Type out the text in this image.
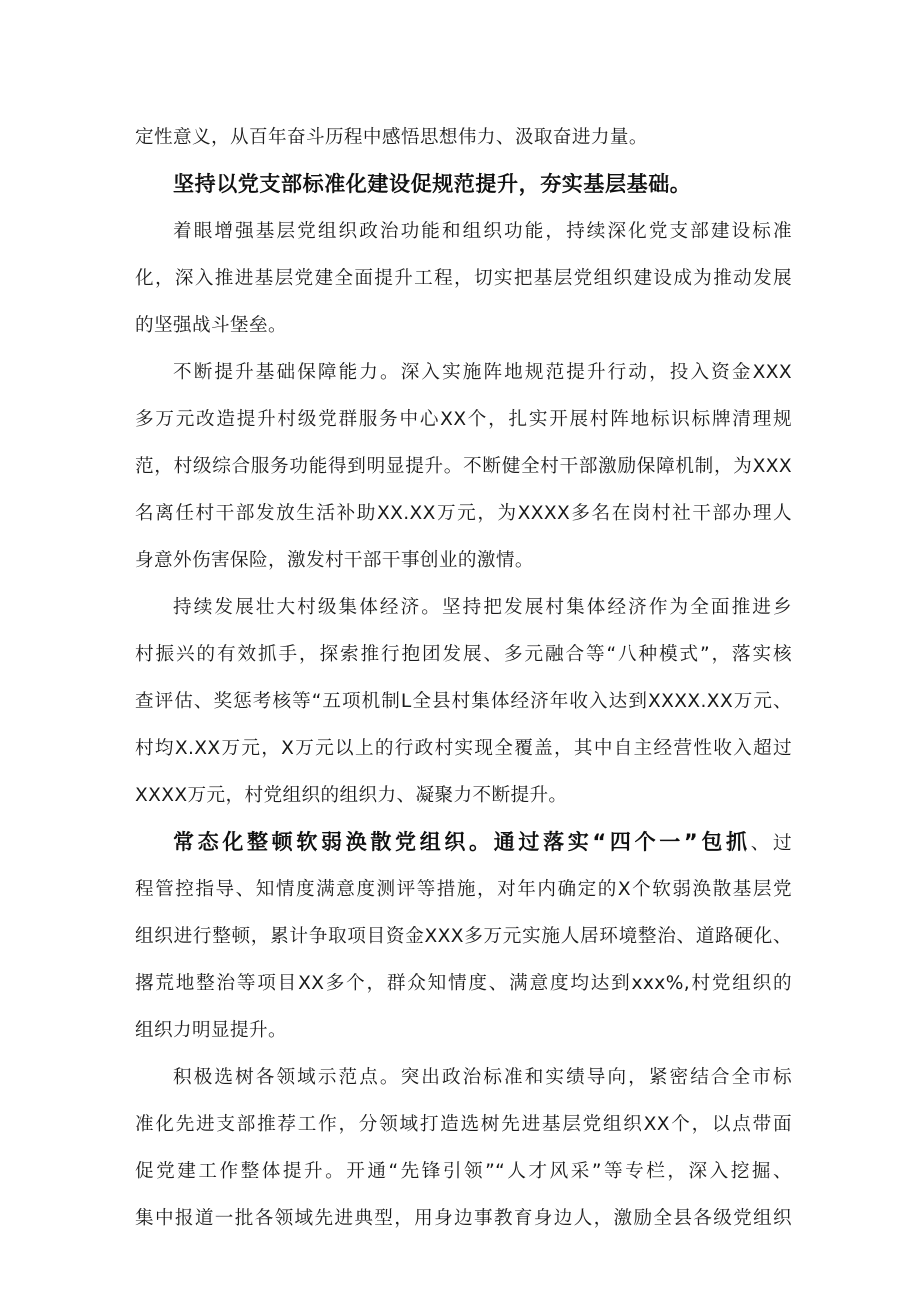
定性意义，从百年奋斗历程中感悟思想伟力、汲取奋进力量。
坚持以党支部标准化建设促规范提升，夯实基层基础。
着眼增强基层党组织政治功能和组织功能，持续深化党支部建设标准
化，深入推进基层党建全面提升工程，切实把基层党组织建设成为推动发展
的坚强战斗堡垒。
不断提升基础保障能力。深入实施阵地规范提升行动，投入资金XXX
多万元改造提升村级党群服务中心XX个，扎实开展村阵地标识标牌清理规
范，村级综合服务功能得到明显提升。不断健全村干部激励保障机制，为XXX
名离任村干部发放生活补助XX.XX万元，为XXXX多名在岗村社干部办理人
身意外伤害保险，激发村干部干事创业的激情。
持续发展壮大村级集体经济。坚持把发展村集体经济作为全面推进乡
村振兴的有效抓手，探索推行抱团发展、多元融合等“八种模式”，落实核
查评估、奖惩考核等“五项机制L全县村集体经济年收入达到XXXX.XX万元、
村均X.XX万元，X万元以上的行政村实现全覆盖，其中自主经营性收入超过
XXXX万元，村党组织的组织力、凝聚力不断提升。
常态化整顿软弱涣散党组织。通过落实“四个一”包抓、过
程管控指导、知情度满意度测评等措施，对年内确定的X个软弱涣散基层党
组织进行整顿，累计争取项目资金XXX多万元实施人居环境整治、道路硬化、
撂荒地整治等项目XX多个，群众知情度、满意度均达到xxx%,村党组织的
组织力明显提升。
积极选树各领域示范点。突出政治标准和实绩导向，紧密结合全市标
准化先进支部推荐工作，分领域打造选树先进基层党组织XX个，以点带面
促党建工作整体提升。开通“先锋引领”“人才风采”等专栏，深入挖掘、
集中报道一批各领域先进典型，用身边事教育身边人，激励全县各级党组织
